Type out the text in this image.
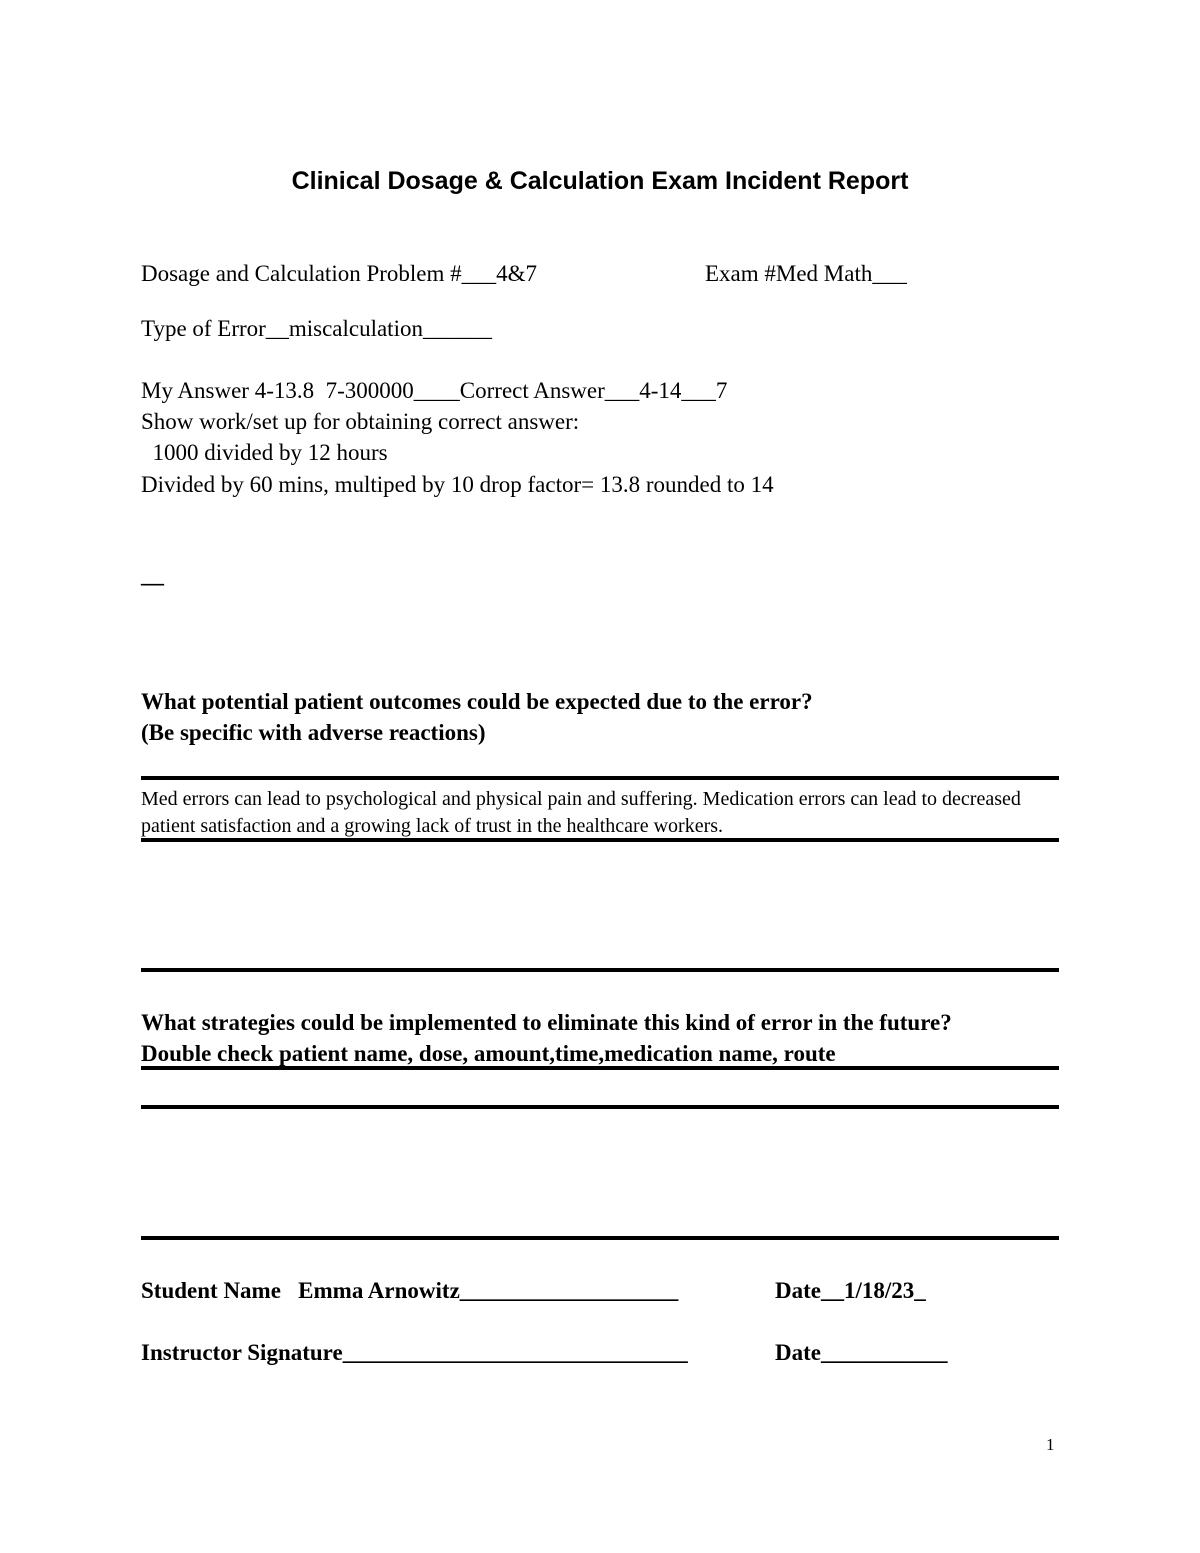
Clinical Dosage & Calculation Exam Incident Report
Dosage and Calculation Problem #___4&7	Exam #Med Math___
Type of Error__miscalculation______
My Answer 4-13.8  7-300000____Correct Answer___4-14___7
Show work/set up for obtaining correct answer:
1000 divided by 12 hours
Divided by 60 mins, multiped by 10 drop factor= 13.8 rounded to 14
—
What potential patient outcomes could be expected due to the error?
(Be specific with adverse reactions)
Med errors can lead to psychological and physical pain and suffering. Medication errors can lead to decreased patient satisfaction and a growing lack of trust in the healthcare workers.
What strategies could be implemented to eliminate this kind of error in the future?
Double check patient name, dose, amount,time,medication name, route
Student Name   Emma Arnowitz___________________	Date__1/18/23_
Instructor Signature______________________________	Date___________
1
